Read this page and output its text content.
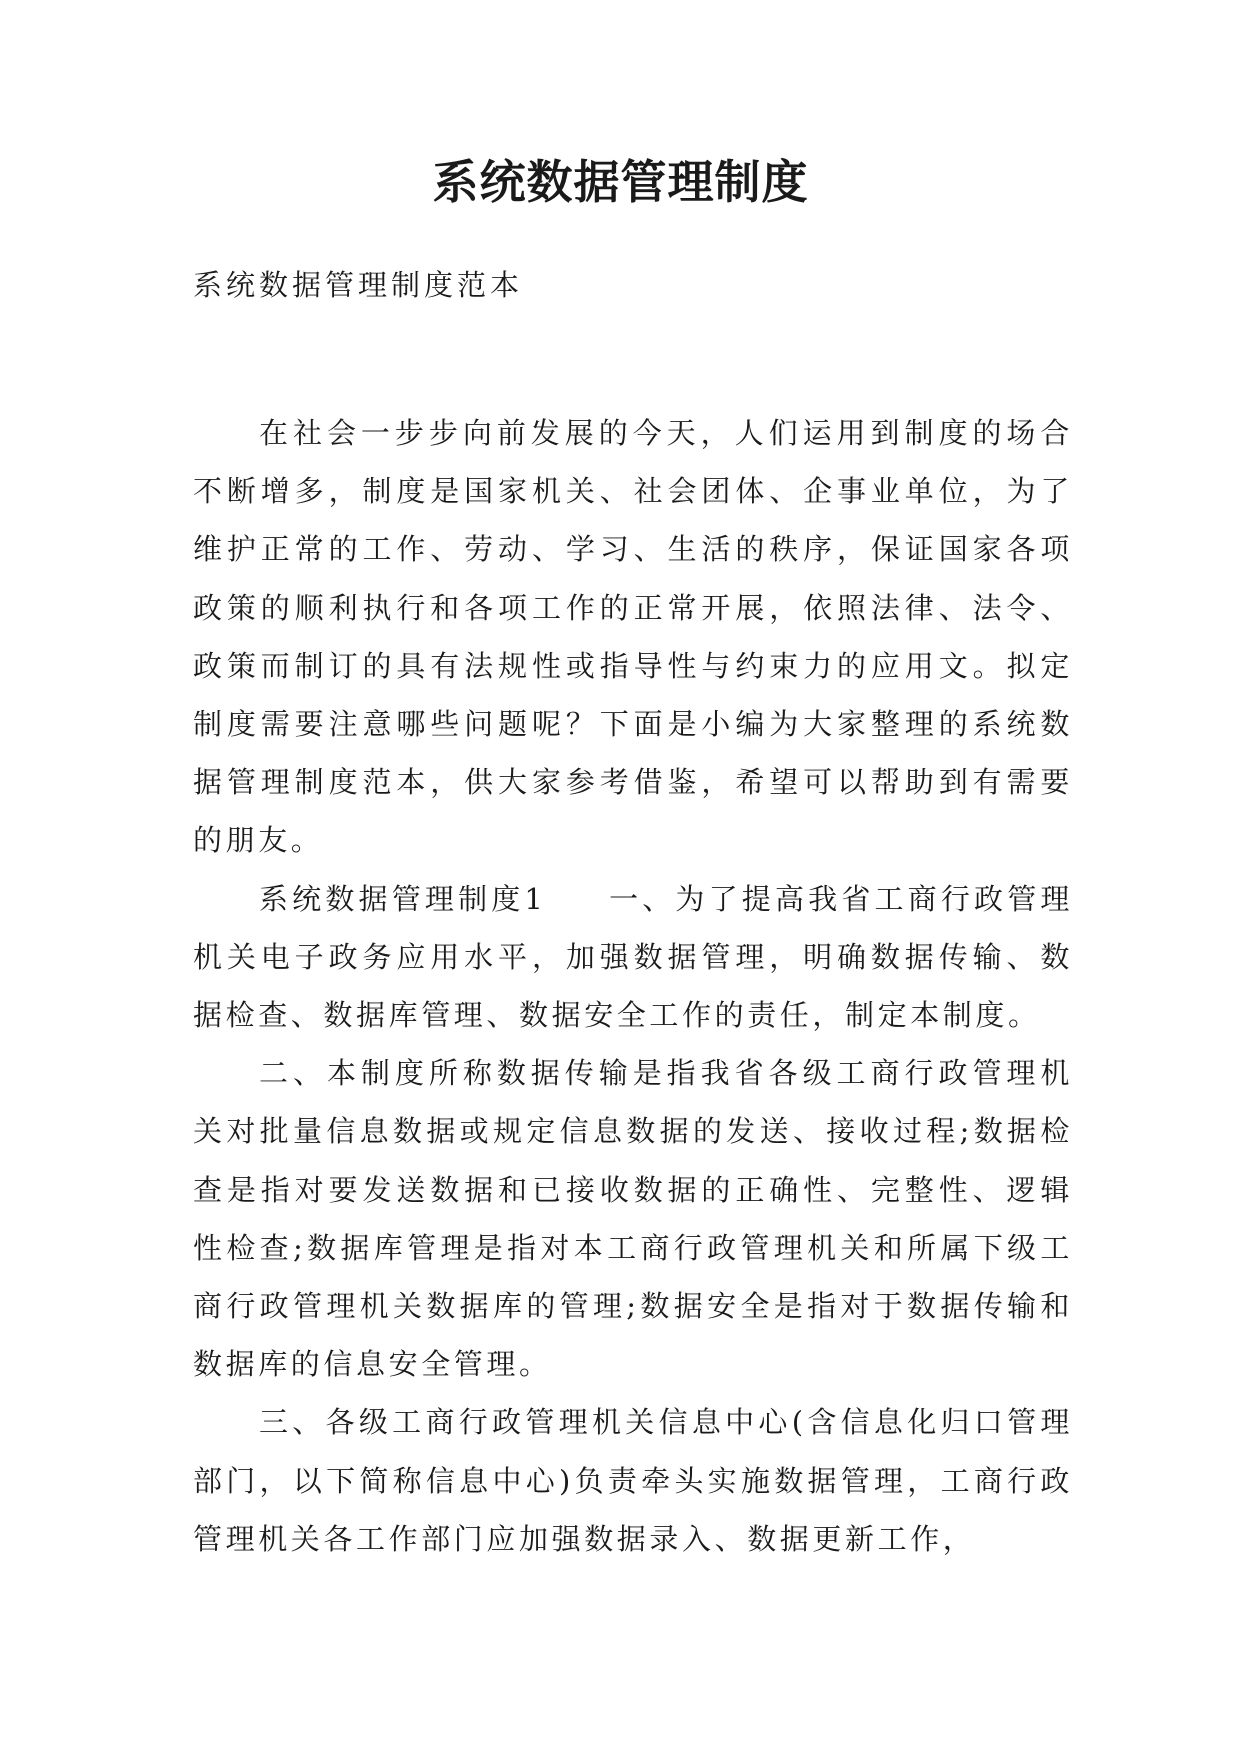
系统数据管理制度

系统数据管理制度范本

在社会一步步向前发展的今天，人们运用到制度的场合不断增多，制度是国家机关、社会团体、企事业单位，为了维护正常的工作、劳动、学习、生活的秩序，保证国家各项政策的顺利执行和各项工作的正常开展，依照法律、法令、政策而制订的具有法规性或指导性与约束力的应用文。拟定制度需要注意哪些问题呢？下面是小编为大家整理的系统数据管理制度范本，供大家参考借鉴，希望可以帮助到有需要的朋友。

系统数据管理制度1 一、为了提高我省工商行政管理机关电子政务应用水平，加强数据管理，明确数据传输、数据检查、数据库管理、数据安全工作的责任，制定本制度。

二、本制度所称数据传输是指我省各级工商行政管理机关对批量信息数据或规定信息数据的发送、接收过程;数据检查是指对要发送数据和已接收数据的正确性、完整性、逻辑性检查;数据库管理是指对本工商行政管理机关和所属下级工商行政管理机关数据库的管理;数据安全是指对于数据传输和数据库的信息安全管理。

三、各级工商行政管理机关信息中心(含信息化归口管理部门，以下简称信息中心)负责牵头实施数据管理，工商行政管理机关各工作部门应加强数据录入、数据更新工作，
